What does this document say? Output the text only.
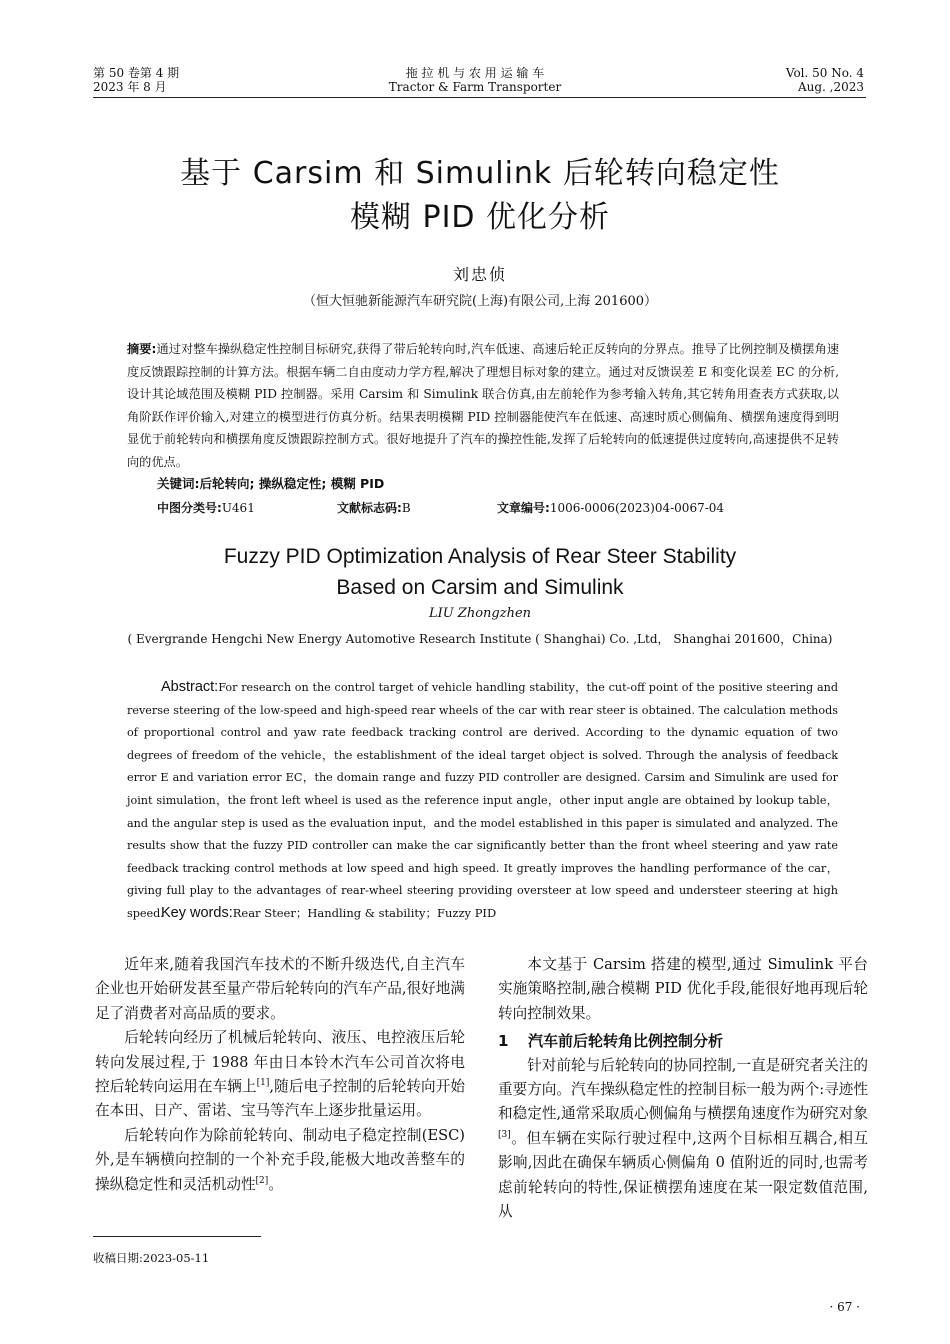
第 50 卷第 4 期
2023 年 8 月
拖 拉 机 与 农 用 运 输 车
Tractor & Farm Transporter
Vol. 50 No. 4
Aug. ,2023
基于 Carsim 和 Simulink 后轮转向稳定性
模糊 PID 优化分析
刘忠侦
（恒大恒驰新能源汽车研究院(上海)有限公司,上海 201600）
摘要:通过对整车操纵稳定性控制目标研究,获得了带后轮转向时,汽车低速、高速后轮正反转向的分界点。推导了比例控制及横摆角速度反馈跟踪控制的计算方法。根据车辆二自由度动力学方程,解决了理想目标对象的建立。通过对反馈误差 E 和变化误差 EC 的分析,设计其论域范围及模糊 PID 控制器。采用 Carsim 和 Simulink 联合仿真,由左前轮作为参考输入转角,其它转角用查表方式获取,以角阶跃作评价输入,对建立的模型进行仿真分析。结果表明模糊 PID 控制器能使汽车在低速、高速时质心侧偏角、横摆角速度得到明显优于前轮转向和横摆角度反馈跟踪控制方式。很好地提升了汽车的操控性能,发挥了后轮转向的低速提供过度转向,高速提供不足转向的优点。
关键词:后轮转向; 操纵稳定性; 模糊 PID
中图分类号:U461	文献标志码:B	文章编号:1006-0006(2023)04-0067-04
Fuzzy PID Optimization Analysis of Rear Steer Stability
Based on Carsim and Simulink
LIU Zhongzhen
( Evergrande Hengchi New Energy Automotive Research Institute ( Shanghai) Co. ,Ltd， Shanghai 201600，China)
Abstract:For research on the control target of vehicle handling stability，the cut-off point of the positive steering and reverse steering of the low-speed and high-speed rear wheels of the car with rear steer is obtained. The calculation methods of proportional control and yaw rate feedback tracking control are derived. According to the dynamic equation of two degrees of freedom of the vehicle，the establishment of the ideal target object is solved. Through the analysis of feedback error E and variation error EC，the domain range and fuzzy PID controller are designed. Carsim and Simulink are used for joint simulation，the front left wheel is used as the reference input angle，other input angle are obtained by lookup table，and the angular step is used as the evaluation input，and the model established in this paper is simulated and analyzed. The results show that the fuzzy PID controller can make the car significantly better than the front wheel steering and yaw rate feedback tracking control methods at low speed and high speed. It greatly improves the handling performance of the car，giving full play to the advantages of rear-wheel steering providing oversteer at low speed and understeer steering at high speed.
Key words:Rear Steer；Handling & stability；Fuzzy PID

近年来,随着我国汽车技术的不断升级迭代,自主汽车企业也开始研发甚至量产带后轮转向的汽车产品,很好地满足了消费者对高品质的要求。

后轮转向经历了机械后轮转向、液压、电控液压后轮转向发展过程,于 1988 年由日本铃木汽车公司首次将电控后轮转向运用在车辆上[1],随后电子控制的后轮转向开始在本田、日产、雷诺、宝马等汽车上逐步批量运用。

后轮转向作为除前轮转向、制动电子稳定控制(ESC)外,是车辆横向控制的一个补充手段,能极大地改善整车的操纵稳定性和灵活机动性[2]。

本文基于 Carsim 搭建的模型,通过 Simulink 平台实施策略控制,融合模糊 PID 优化手段,能很好地再现后轮转向控制效果。

1 汽车前后轮转角比例控制分析

针对前轮与后轮转向的协同控制,一直是研究者关注的重要方向。汽车操纵稳定性的控制目标一般为两个:寻迹性和稳定性,通常采取质心侧偏角与横摆角速度作为研究对象[3]。但车辆在实际行驶过程中,这两个目标相互耦合,相互影响,因此在确保车辆质心侧偏角 0 值附近的同时,也需考虑前轮转向的特性,保证横摆角速度在某一限定数值范围,从

收稿日期:2023-05-11
· 67 ·
